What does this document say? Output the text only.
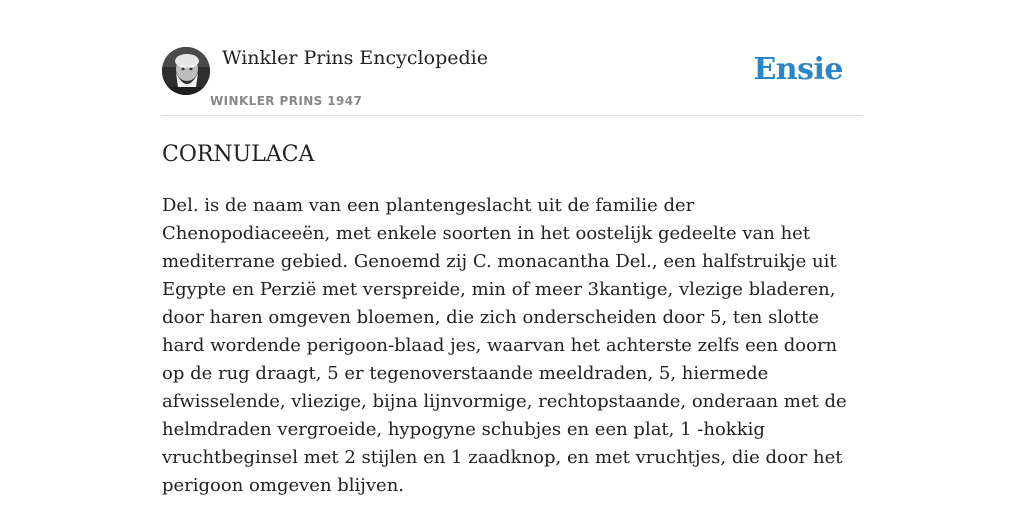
Winkler Prins Encyclopedie
WINKLER PRINS 1947
Ensie
CORNULACA

Del. is de naam van een plantengeslacht uit de familie der Chenopodiaceeën, met enkele soorten in het oostelijk gedeelte van het mediterrane gebied. Genoemd zij C. monacantha Del., een halfstruikje uit Egypte en Perzië met verspreide, min of meer 3kantige, vlezige bladeren, door haren omgeven bloemen, die zich onderscheiden door 5, ten slotte hard wordende perigoon-blaad jes, waarvan het achterste zelfs een doorn op de rug draagt, 5 er tegenoverstaande meeldraden, 5, hiermede afwisselende, vliezige, bijna lijnvormige, rechtopstaande, onderaan met de helmdraden vergroeide, hypogyne schubjes en een plat, 1 -hokkig vruchtbeginsel met 2 stijlen en 1 zaadknop, en met vruchtjes, die door het perigoon omgeven blijven.
